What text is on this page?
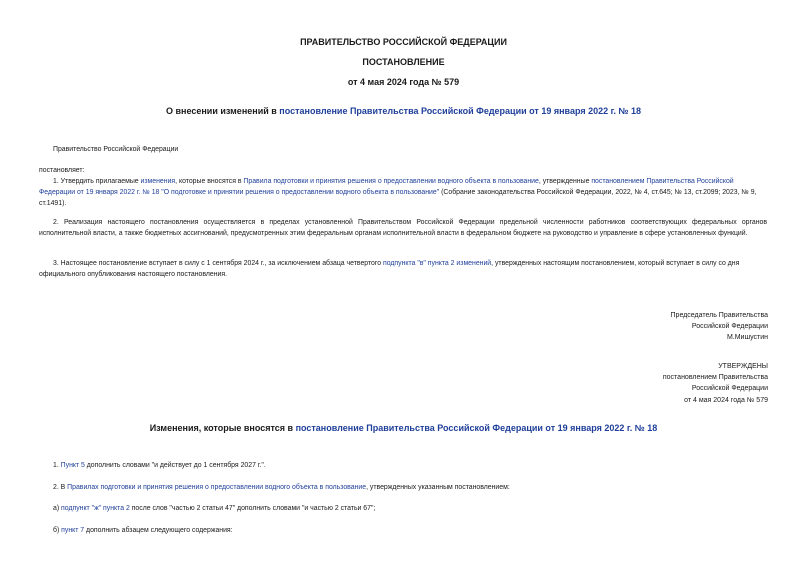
ПРАВИТЕЛЬСТВО РОССИЙСКОЙ ФЕДЕРАЦИИ
ПОСТАНОВЛЕНИЕ
от 4 мая 2024 года № 579
О внесении изменений в постановление Правительства Российской Федерации от 19 января 2022 г. № 18
Правительство Российской Федерации
постановляет:
1. Утвердить прилагаемые изменения, которые вносятся в Правила подготовки и принятия решения о предоставлении водного объекта в пользование, утвержденные постановлением Правительства Российской Федерации от 19 января 2022 г. № 18 "О подготовке и принятии решения о предоставлении водного объекта в пользование" (Собрание законодательства Российской Федерации, 2022, № 4, ст.645; № 13, ст.2099; 2023, № 9, ст.1491).
2. Реализация настоящего постановления осуществляется в пределах установленной Правительством Российской Федерации предельной численности работников соответствующих федеральных органов исполнительной власти, а также бюджетных ассигнований, предусмотренных этим федеральным органам исполнительной власти в федеральном бюджете на руководство и управление в сфере установленных функций.
3. Настоящее постановление вступает в силу с 1 сентября 2024 г., за исключением абзаца четвертого подпункта "в" пункта 2 изменений, утвержденных настоящим постановлением, который вступает в силу со дня официального опубликования настоящего постановления.
Председатель Правительства
Российской Федерации
М.Мишустин
УТВЕРЖДЕНЫ
постановлением Правительства
Российской Федерации
от 4 мая 2024 года № 579
Изменения, которые вносятся в постановление Правительства Российской Федерации от 19 января 2022 г. № 18
1. Пункт 5 дополнить словами "и действует до 1 сентября 2027 г.".
2. В Правилах подготовки и принятия решения о предоставлении водного объекта в пользование, утвержденных указанным постановлением:
а) подпункт "ж" пункта 2 после слов "частью 2 статьи 47" дополнить словами "и частью 2 статьи 67";
б) пункт 7 дополнить абзацем следующего содержания:
